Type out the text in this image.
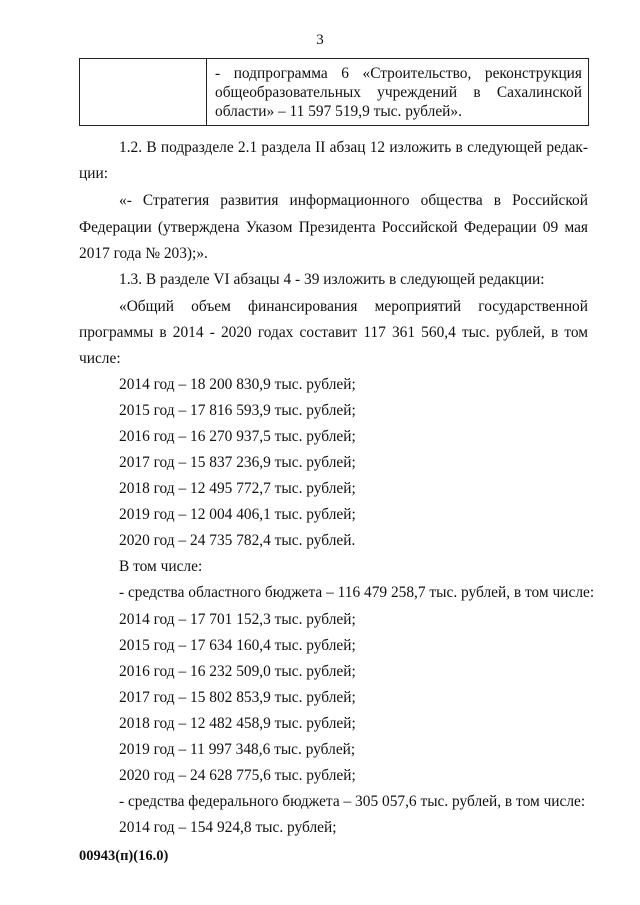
3

- подпрограмма 6 «Строительство, реконструкция
общеобразовательных учреждений в Сахалинской
области» – 11 597 519,9 тыс. рублей».
1.2. В подразделе 2.1 раздела II абзац 12 изложить в следующей редак-
ции:
«- Стратегия развития информационного общества в Российской
Федерации (утверждена Указом Президента Российской Федерации 09 мая
2017 года № 203);».
1.3. В разделе VI абзацы 4 - 39 изложить в следующей редакции:
«Общий объем финансирования мероприятий государственной
программы в 2014 - 2020 годах составит 117 361 560,4 тыс. рублей, в том
числе:
2014 год – 18 200 830,9 тыс. рублей;
2015 год – 17 816 593,9 тыс. рублей;
2016 год – 16 270 937,5 тыс. рублей;
2017 год – 15 837 236,9 тыс. рублей;
2018 год – 12 495 772,7 тыс. рублей;
2019 год – 12 004 406,1 тыс. рублей;
2020 год – 24 735 782,4 тыс. рублей.
В том числе:
- средства областного бюджета – 116 479 258,7 тыс. рублей, в том числе:
2014 год – 17 701 152,3 тыс. рублей;
2015 год – 17 634 160,4 тыс. рублей;
2016 год – 16 232 509,0 тыс. рублей;
2017 год – 15 802 853,9 тыс. рублей;
2018 год – 12 482 458,9 тыс. рублей;
2019 год – 11 997 348,6 тыс. рублей;
2020 год – 24 628 775,6 тыс. рублей;
- средства федерального бюджета – 305 057,6 тыс. рублей, в том числе:
2014 год – 154 924,8 тыс. рублей;
00943(п)(16.0)
